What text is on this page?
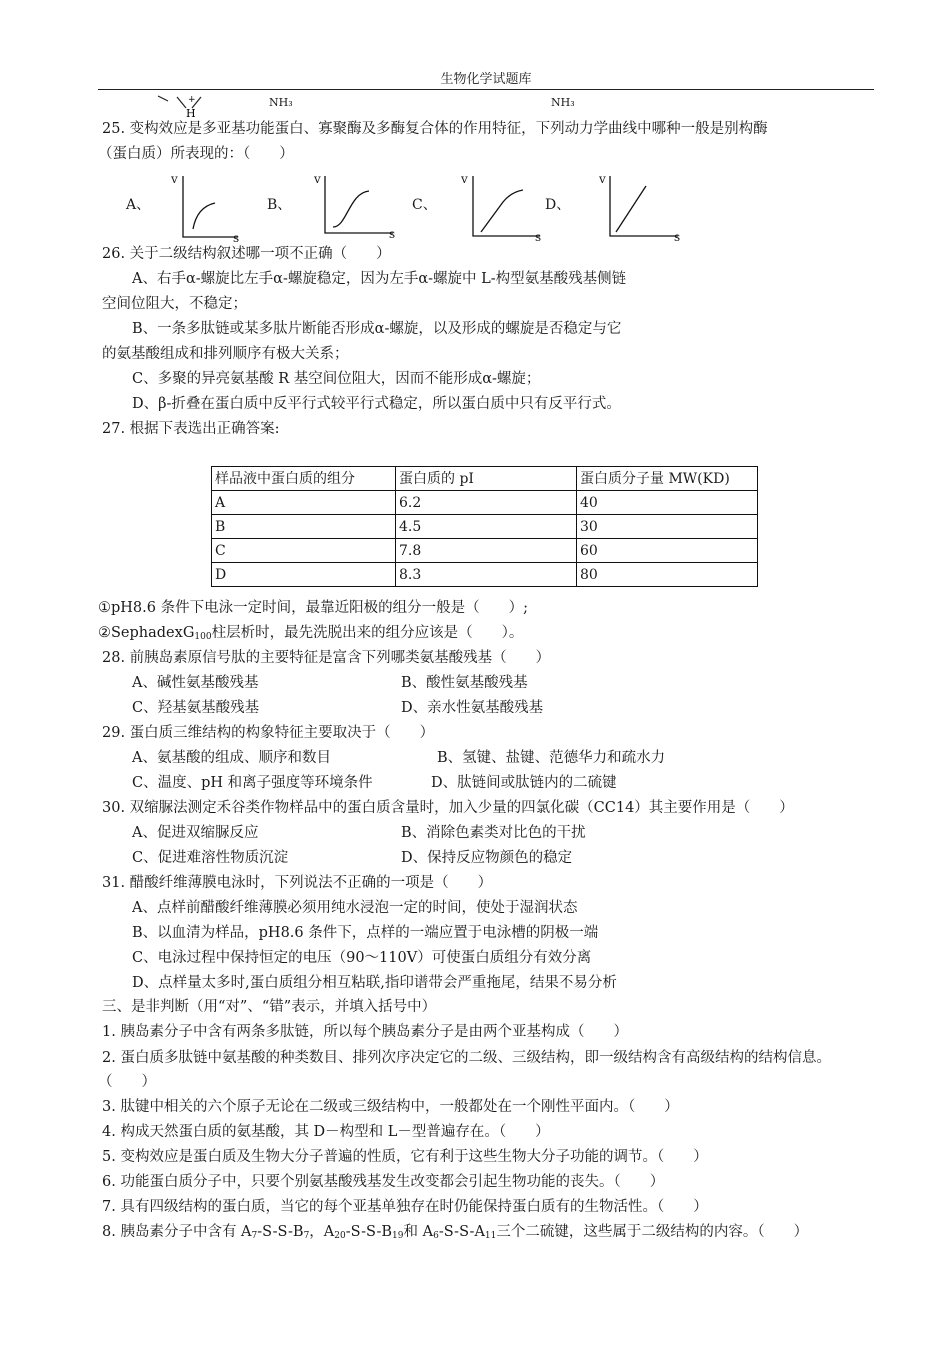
生物化学试题库
+
H
NH₃	NH₃
25. 变构效应是多亚基功能蛋白、寡聚酶及多酶复合体的作用特征，下列动力学曲线中哪种一般是别构酶
（蛋白质）所表现的：（　　）
A、
v
s
B、
v
s
C、
v
s
D、
v
s
26. 关于二级结构叙述哪一项不正确（　　）
A、右手α-螺旋比左手α-螺旋稳定，因为左手α-螺旋中 L-构型氨基酸残基侧链
空间位阻大，不稳定；
B、一条多肽链或某多肽片断能否形成α-螺旋，以及形成的螺旋是否稳定与它
的氨基酸组成和排列顺序有极大关系；
C、多聚的异亮氨基酸 R 基空间位阻大，因而不能形成α-螺旋；
D、β-折叠在蛋白质中反平行式较平行式稳定，所以蛋白质中只有反平行式。
27. 根据下表选出正确答案:
样品液中蛋白质的组分	蛋白质的 pI	蛋白质分子量 MW(KD)
A	6.2	40
B	4.5	30
C	7.8	60
D	8.3	80
①pH8.6 条件下电泳一定时间，最靠近阳极的组分一般是（　　）;
②SephadexG$_{100}$柱层析时，最先洗脱出来的组分应该是（　　）。
28. 前胰岛素原信号肽的主要特征是富含下列哪类氨基酸残基（　　）
A、碱性氨基酸残基	B、酸性氨基酸残基
C、羟基氨基酸残基	D、亲水性氨基酸残基
29. 蛋白质三维结构的构象特征主要取决于（　　）
A、氨基酸的组成、顺序和数目	B、氢键、盐键、范德华力和疏水力
C、温度、pH 和离子强度等环境条件	D、肽链间或肽链内的二硫键
30. 双缩脲法测定禾谷类作物样品中的蛋白质含量时，加入少量的四氯化碳（CC14）其主要作用是（　　）
A、促进双缩脲反应	B、消除色素类对比色的干扰
C、促进难溶性物质沉淀	D、保持反应物颜色的稳定
31. 醋酸纤维薄膜电泳时，下列说法不正确的一项是（　　）
A、点样前醋酸纤维薄膜必须用纯水浸泡一定的时间，使处于湿润状态
B、以血清为样品，pH8.6 条件下，点样的一端应置于电泳槽的阴极一端
C、电泳过程中保持恒定的电压（90～110V）可使蛋白质组分有效分离
D、点样量太多时,蛋白质组分相互粘联,指印谱带会严重拖尾，结果不易分析
三、是非判断（用“对”、“错”表示，并填入括号中）
1. 胰岛素分子中含有两条多肽链，所以每个胰岛素分子是由两个亚基构成（　　）
2. 蛋白质多肽链中氨基酸的种类数目、排列次序决定它的二级、三级结构，即一级结构含有高级结构的结构信息。（　　）
3. 肽键中相关的六个原子无论在二级或三级结构中，一般都处在一个刚性平面内。（　　）
4. 构成天然蛋白质的氨基酸，其 D－构型和 L－型普遍存在。（　　）
5. 变构效应是蛋白质及生物大分子普遍的性质，它有利于这些生物大分子功能的调节。（　　）
6. 功能蛋白质分子中，只要个别氨基酸残基发生改变都会引起生物功能的丧失。（　　）
7. 具有四级结构的蛋白质，当它的每个亚基单独存在时仍能保持蛋白质有的生物活性。（　　）
8. 胰岛素分子中含有 $A_7-S-S-B_7$，$A_{20}-S-S-B_{19}$和 $A_6-S-S-A_{11}$三个二硫键，这些属于二级结构的内容。（　　）
